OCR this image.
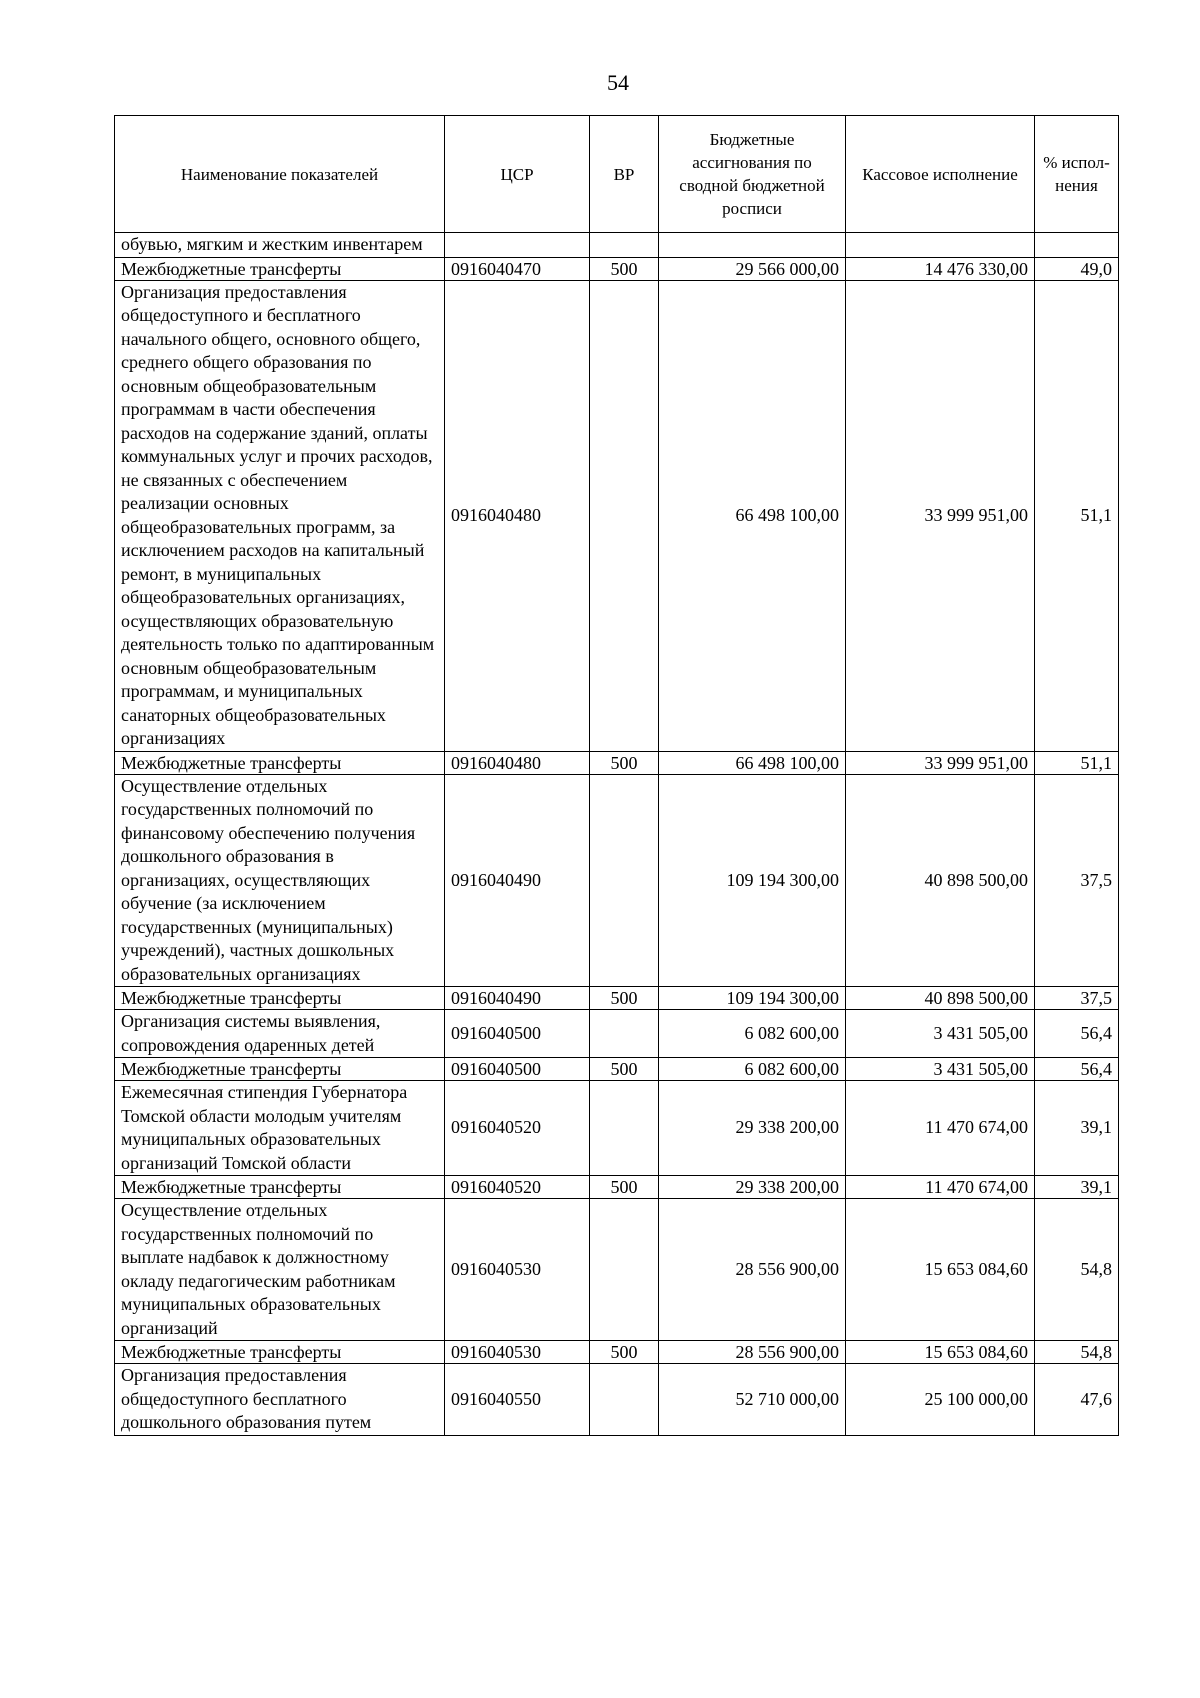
54
Наименование показателей	ЦСР	ВР	Бюджетные ассигнования по сводной бюджетной росписи	Кассовое исполнение	% испол-нения
обувью, мягким и жестким инвентарем					
Межбюджетные трансферты	0916040470	500	29 566 000,00	14 476 330,00	49,0
Организация предоставления общедоступного и бесплатного начального общего, основного общего, среднего общего образования по основным общеобразовательным программам в части обеспечения расходов на содержание зданий, оплаты коммунальных услуг и прочих расходов, не связанных с обеспечением реализации основных общеобразовательных программ, за исключением расходов на капитальный ремонт, в муниципальных общеобразовательных организациях, осуществляющих образовательную деятельность только по адаптированным основным общеобразовательным программам, и муниципальных санаторных общеобразовательных организациях	0916040480		66 498 100,00	33 999 951,00	51,1
Межбюджетные трансферты	0916040480	500	66 498 100,00	33 999 951,00	51,1
Осуществление отдельных государственных полномочий по финансовому обеспечению получения дошкольного образования в организациях, осуществляющих обучение (за исключением государственных (муниципальных) учреждений), частных дошкольных образовательных организациях	0916040490		109 194 300,00	40 898 500,00	37,5
Межбюджетные трансферты	0916040490	500	109 194 300,00	40 898 500,00	37,5
Организация системы выявления, сопровождения одаренных детей	0916040500		6 082 600,00	3 431 505,00	56,4
Межбюджетные трансферты	0916040500	500	6 082 600,00	3 431 505,00	56,4
Ежемесячная стипендия Губернатора Томской области молодым учителям муниципальных образовательных организаций Томской области	0916040520		29 338 200,00	11 470 674,00	39,1
Межбюджетные трансферты	0916040520	500	29 338 200,00	11 470 674,00	39,1
Осуществление отдельных государственных полномочий по выплате надбавок к должностному окладу педагогическим работникам муниципальных образовательных организаций	0916040530		28 556 900,00	15 653 084,60	54,8
Межбюджетные трансферты	0916040530	500	28 556 900,00	15 653 084,60	54,8
Организация предоставления общедоступного бесплатного дошкольного образования путем	0916040550		52 710 000,00	25 100 000,00	47,6
